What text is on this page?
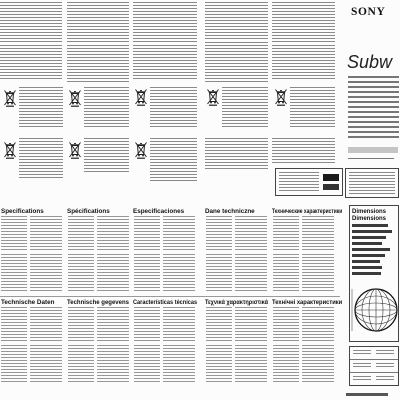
SONY
Subw
Specifications	Spécifications	Especificaciones	Dane techniczne	Технические характеристики
Technische Daten Technische gegevens Características técnicas Τεχνικά χαρακτηριστικά Технічні характеристики
Dimensions
Dimensions
